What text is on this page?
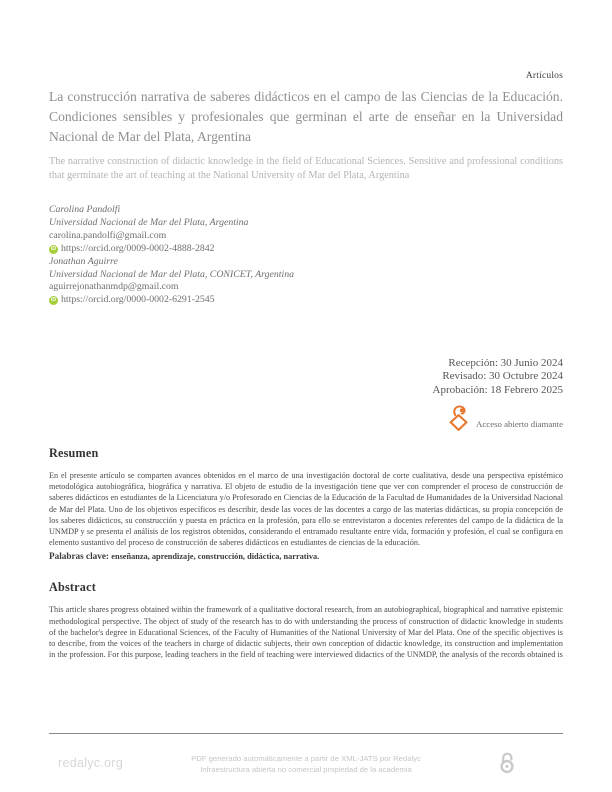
Artículos
La construcción narrativa de saberes didácticos en el campo de las Ciencias de la Educación. Condiciones sensibles y profesionales que germinan el arte de enseñar en la Universidad Nacional de Mar del Plata, Argentina

The narrative construction of didactic knowledge in the field of Educational Sciences. Sensitive and professional conditions that germinate the art of teaching at the National University of Mar del Plata, Argentina

Carolina Pandolfi
Universidad Nacional de Mar del Plata, Argentina
carolina.pandolfi@gmail.com
iD https://orcid.org/0009-0002-4888-2842
Jonathan Aguirre
Universidad Nacional de Mar del Plata, CONICET, Argentina
aguirrejonathanmdp@gmail.com
iD https://orcid.org/0000-0002-6291-2545
Recepción: 30 Junio 2024
Revisado: 30 Octubre 2024
Aprobación: 18 Febrero 2025
Acceso abierto diamante
Resumen

En el presente artículo se comparten avances obtenidos en el marco de una investigación doctoral de corte cualitativa, desde una perspectiva epistémico metodológica autobiográfica, biográfica y narrativa. El objeto de estudio de la investigación tiene que ver con comprender el proceso de construcción de saberes didácticos en estudiantes de la Licenciatura y/o Profesorado en Ciencias de la Educación de la Facultad de Humanidades de la Universidad Nacional de Mar del Plata. Uno de los objetivos específicos es describir, desde las voces de las docentes a cargo de las materias didácticas, su propia concepción de los saberes didácticos, su construcción y puesta en práctica en la profesión, para ello se entrevistaron a docentes referentes del campo de la didáctica de la UNMDP y se presenta el análisis de los registros obtenidos, considerando el entramado resultante entre vida, formación y profesión, el cual se configura en elemento sustantivo del proceso de construcción de saberes didácticos en estudiantes de ciencias de la educación.

Palabras clave: enseñanza, aprendizaje, construcción, didáctica, narrativa.

Abstract

This article shares progress obtained within the framework of a qualitative doctoral research, from an autobiographical, biographical and narrative epistemic methodological perspective. The object of study of the research has to do with understanding the process of construction of didactic knowledge in students of the bachelor's degree in Educational Sciences, of the Faculty of Humanities of the National University of Mar del Plata. One of the specific objectives is to describe, from the voices of the teachers in charge of didactic subjects, their own conception of didactic knowledge, its construction and implementation in the profession. For this purpose, leading teachers in the field of teaching were interviewed didactics of the UNMDP, the analysis of the records obtained is

redalyc.org	PDF generado automáticamente a partir de XML-JATS por Redalyc
Infraestructura abierta no comercial propiedad de la academia
